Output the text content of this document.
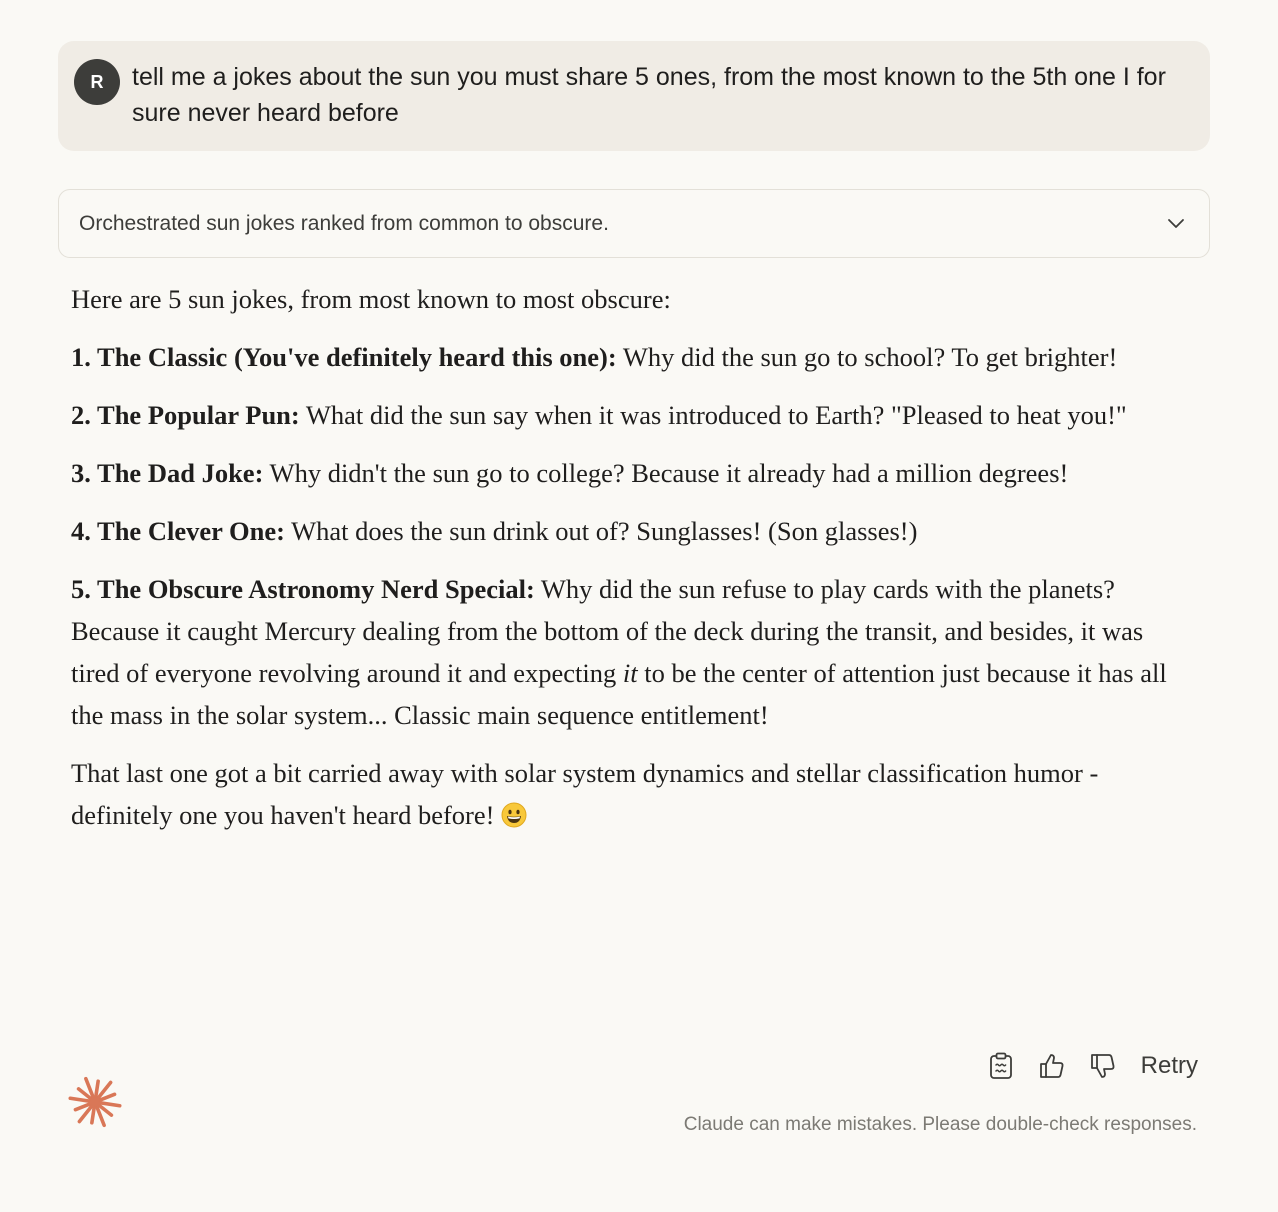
R	tell me a jokes about the sun you must share 5 ones, from the most known to the 5th one I for sure never heard before
Orchestrated sun jokes ranked from common to obscure.

Here are 5 sun jokes, from most known to most obscure:

1. The Classic (You've definitely heard this one): Why did the sun go to school? To get brighter!

2. The Popular Pun: What did the sun say when it was introduced to Earth? "Pleased to heat you!"

3. The Dad Joke: Why didn't the sun go to college? Because it already had a million degrees!

4. The Clever One: What does the sun drink out of? Sunglasses! (Son glasses!)

5. The Obscure Astronomy Nerd Special: Why did the sun refuse to play cards with the planets? Because it caught Mercury dealing from the bottom of the deck during the transit, and besides, it was tired of everyone revolving around it and expecting it to be the center of attention just because it has all the mass in the solar system... Classic main sequence entitlement!

That last one got a bit carried away with solar system dynamics and stellar classification humor - definitely one you haven't heard before!

Retry
Claude can make mistakes. Please double-check responses.
